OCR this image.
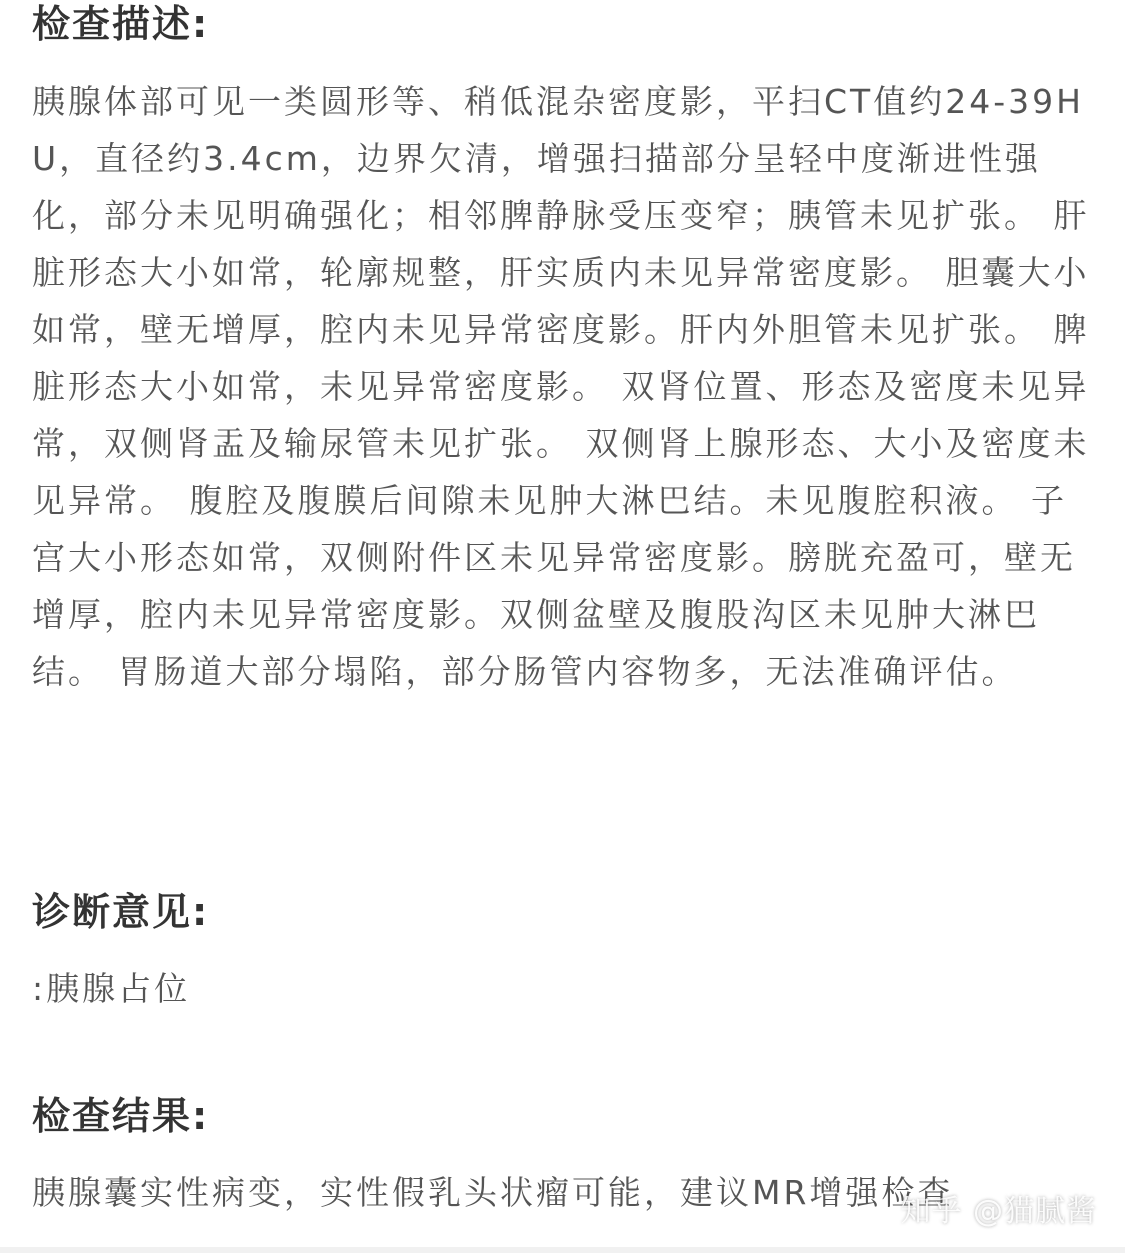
检查描述:

胰腺体部可见一类圆形等、稍低混杂密度影，平扫CT值约24-39HU，直径约3.4cm，边界欠清，增强扫描部分呈轻中度渐进性强化，部分未见明确强化；相邻脾静脉受压变窄；胰管未见扩张。 肝脏形态大小如常，轮廓规整，肝实质内未见异常密度影。 胆囊大小如常，壁无增厚，腔内未见异常密度影。肝内外胆管未见扩张。 脾脏形态大小如常，未见异常密度影。 双肾位置、形态及密度未见异常，双侧肾盂及输尿管未见扩张。 双侧肾上腺形态、大小及密度未见异常。 腹腔及腹膜后间隙未见肿大淋巴结。未见腹腔积液。 子宫大小形态如常，双侧附件区未见异常密度影。膀胱充盈可，壁无增厚，腔内未见异常密度影。双侧盆壁及腹股沟区未见肿大淋巴结。 胃肠道大部分塌陷，部分肠管内容物多，无法准确评估。

诊断意见:

:胰腺占位

检查结果:

胰腺囊实性病变，实性假乳头状瘤可能，建议MR增强检查

知乎 @猫腻酱
